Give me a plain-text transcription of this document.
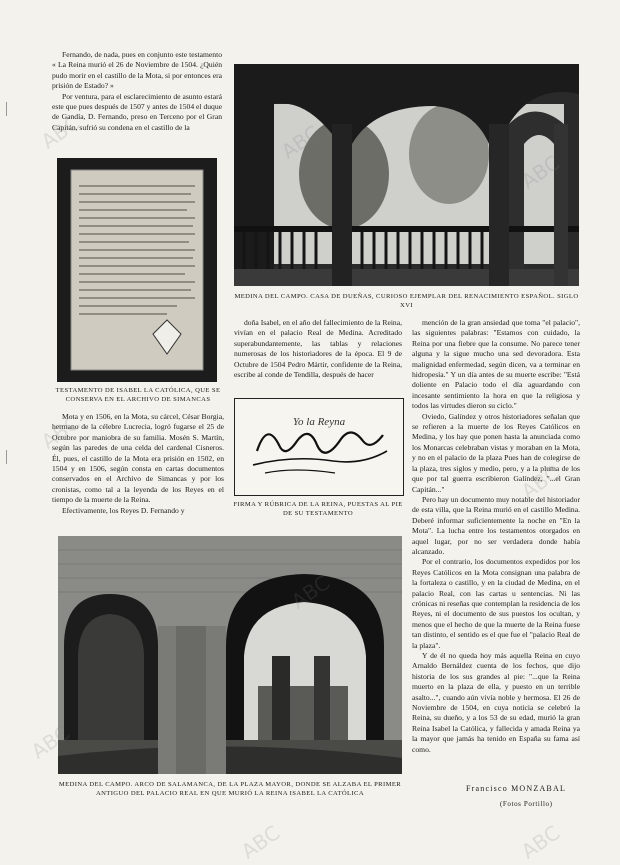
Fernando, de nada, pues en conjunto este testamento « La Reina murió el 26 de Noviembre de 1504. ¿Quién pudo morir en el castillo de la Mota, si por entonces era prisión de Estado? »

Por ventura, para el esclarecimiento de asunto estará este que pues después de 1507 y antes de 1504 el duque de Gandía, D. Fernando, preso en Terceno por el Gran Capitán, sufrió su condena en el castillo de la

TESTAMENTO DE ISABEL LA CATÓLICA, QUE SE CONSERVA EN EL ARCHIVO DE SIMANCAS

Mota y en 1506, en la Mota, su cárcel, César Borgia, hermano de la célebre Lucrecia, logró fugarse el 25 de Octubre por maniobra de su familia. Mosén S. Martín, según las paredes de una celda del cardenal Cisneros. Él, pues, el castillo de la Mota era prisión en 1502, en 1504 y en 1506, según consta en cartas documentos conservados en el Archivo de Simancas y por los cronistas, como tal a la leyenda de los Reyes en el tiempo de la muerte de la Reina.

Efectivamente, los Reyes D. Fernando y

MEDINA DEL CAMPO. CASA DE DUEÑAS, CURIOSO EJEMPLAR DEL RENACIMIENTO ESPAÑOL. SIGLO XVI

doña Isabel, en el año del fallecimiento de la Reina, vivían en el palacio Real de Medina. Acreditado superabundantemente, las tablas y relaciones numerosas de los historiadores de la época. El 9 de Octubre de 1504 Pedro Mártir, confidente de la Reina, escribe al conde de Tendilla, después de hacer

Yo la Reyna
FIRMA Y RÚBRICA DE LA REINA, PUESTAS AL PIE DE SU TESTAMENTO

mención de la gran ansiedad que toma "el palacio", las siguientes palabras: "Estamos con cuidado, la Reina por una fiebre que la consume. No parece tener alguna y la sigue mucho una sed devoradora. Esta malignidad enfermedad, según dicen, va a terminar en hidropesía." Y un día antes de su muerte escribe: "Está doliente en Palacio todo el día aguardando con incesante sentimiento la hora en que la religiosa y todos las virtudes dieron su ciclo."

Oviedo, Galíndez y otros historiadores señalan que se refieren a la muerte de los Reyes Católicos en Medina, y los hay que ponen hasta la anunciada como los Monarcas celebraban vistas y moraban en la Mota, y no en el palacio de la plaza Pues han de colegirse de la plaza, tres siglos y medio, pero, y a la pluma de los que por tal guerra escribieron Galíndez, "...el Gran Capitán..."

Pero hay un documento muy notable del historiador de esta villa, que la Reina murió en el castillo Medina. Deberé informar suficientemente la noche en "En la Mota". La lucha entre los testamentos otorgados en aquel lugar, por no ser verdadera donde había alcanzado.

Por el contrario, los documentos expedidos por los Reyes Católicos en la Mota consignan una palabra de la fortaleza o castillo, y en la ciudad de Medina, en el palacio Real, con las cartas u sentencias. Ni las crónicas ni reseñas que contemplan la residencia de los Reyes, ni el documento de sus puestos los ocultan, y menos que el hecho de que la muerte de la Reina fuese tan distinto, el sentido es el que fue el "palacio Real de la plaza".

Y de él no queda hoy más aquella Reina en cuyo Arnaldo Bernáldez cuenta de los fechos, que dijo historia de los sus grandes al pie: "...que la Reina muerto en la plaza de ella, y puesto en un terrible asalto...", cuando aún vivía noble y hermosa. El 26 de Noviembre de 1504, en cuya noticia se celebró la Reina, su dueño, y a los 53 de su edad, murió la gran Reina Isabel la Católica, y fallecida y amada Reina ya la mayor que jamás ha tenido en España su fama así como.

Francisco MONZABAL
(Fotos Portillo)
MEDINA DEL CAMPO. ARCO DE SALAMANCA, DE LA PLAZA MAYOR, DONDE SE ALZABA EL PRIMER ANTIGUO DEL PALACIO REAL EN QUE MURIÓ LA REINA ISABEL LA CATÓLICA
ABC
ABC
ABC
ABC
ABC	ABC
